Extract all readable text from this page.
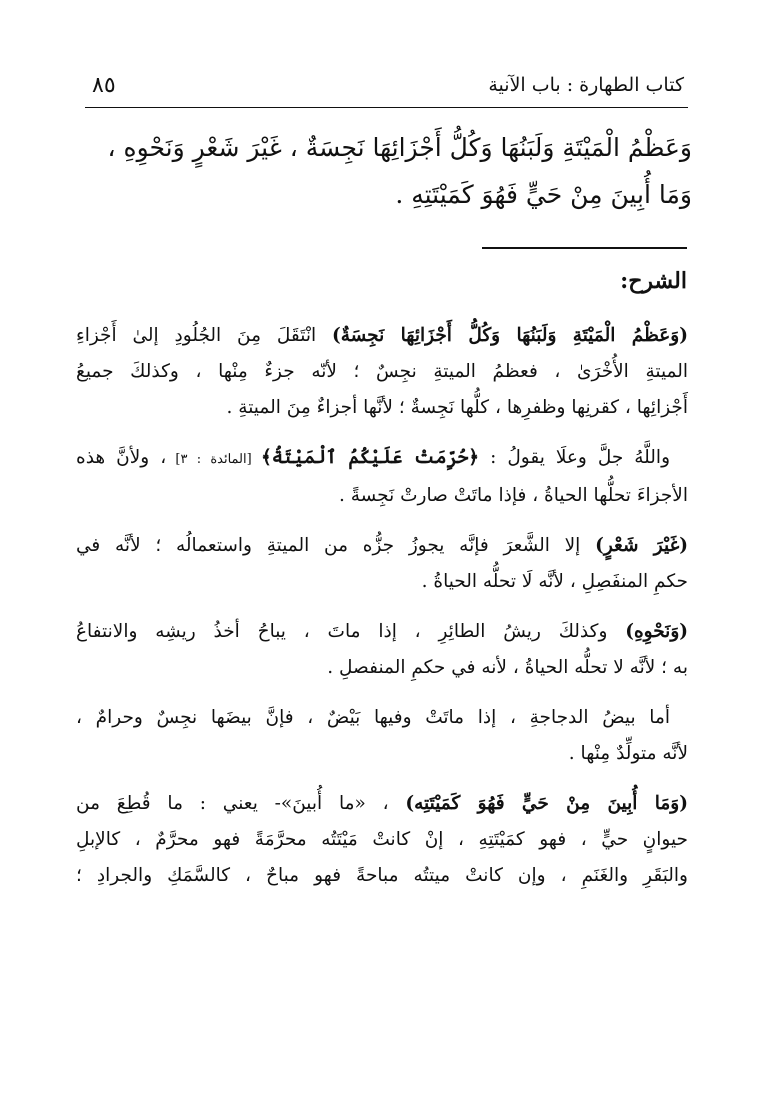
٨٥	كتاب الطهارة : باب الآنية
وَعَظْمُ الْمَيْتَةِ وَلَبَنُهَا وَكُلُّ أَجْزَائِهَا نَجِسَةٌ ، غَيْرَ شَعْرٍ وَنَحْوِهِ ،
وَمَا أُبِينَ مِنْ حَيٍّ فَهُوَ كَمَيْتَتِهِ .
الشرح:
(وَعَظْمُ الْمَيْتَةِ وَلَبَنُهَا وَكُلُّ أَجْزَائِهَا نَجِسَةٌ) انْتَقَلَ مِنَ الجُلُودِ إلىٰ أَجْزاءِ
الميتةِ الأُخْرَىٰ ، فعظمُ الميتةِ نجِسٌ ؛ لأنّه جزءٌ مِنْها ، وكذلكَ جميعُ
أَجْزائِها ، كقرنِها وظفرِها ، كلُّها نَجِسةٌ ؛ لأنَّها أجزاءٌ مِنَ الميتةِ .
واللَّهُ جلَّ وعلَا يقولُ : ﴿حُرِّمَتْ عَلَيْكُمُ ٱلْمَيْتَةُ﴾ [المائدة : ٣] ، ولأنَّ هذه
الأجزاءَ تحلُّها الحياةُ ، فإذا ماتَتْ صارتْ نَجِسةً .
(غَيْرَ شَعْرٍ) إلا الشَّعرَ فإنَّه يجوزُ جزُّه من الميتةِ واستعمالُه ؛ لأنَّه في
حكمِ المنفَصِلِ ، لأنَّه لَا تحلُّه الحياةُ .
(وَنَحْوِهِ) وكذلكَ ريشُ الطائِرِ ، إذا ماتَ ، يباحُ أخذُ ريشِه والانتفاعُ
به ؛ لأنَّه لا تحلُّه الحياةُ ، لأنه في حكمِ المنفصلِ .
أما بيضُ الدجاجةِ ، إذا ماتَتْ وفيها بَيْضٌ ، فإنَّ بيضَها نجِسٌ وحرامٌ ،
لأنَّه متولِّدٌ مِنْها .
(وَمَا أُبِينَ مِنْ حَيٍّ فَهُوَ كَمَيْتَتِه) ، «ما أُبينَ»- يعني : ما قُطِعَ من
حيوانٍ حيٍّ ، فهو كمَيْتَتِهِ ، إنْ كانتْ مَيْتَتُه محرَّمَةً فهو محرَّمٌ ، كالإبلِ
والبَقَرِ والغَنَمِ ، وإن كانتْ ميتتُه مباحةً فهو مباحٌ ، كالسَّمَكِ والجرادِ ؛
